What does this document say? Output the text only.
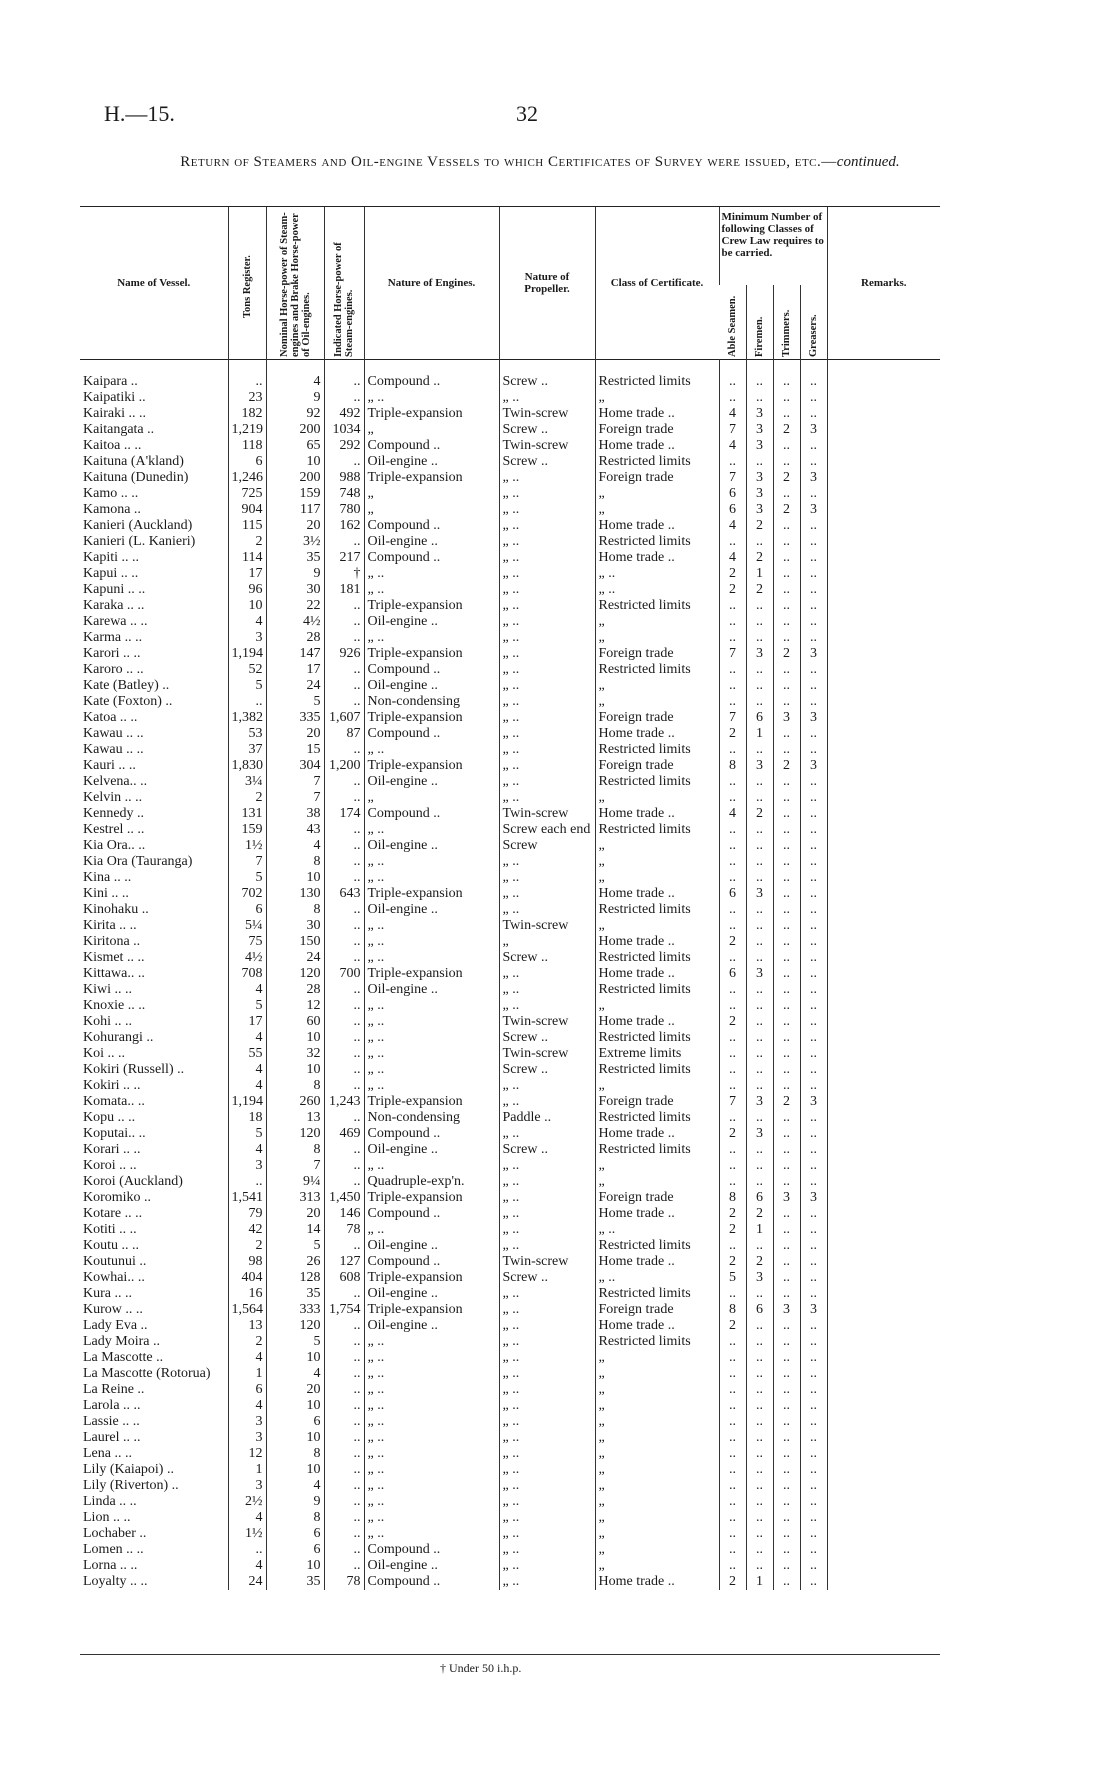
H.—15.	32
Return of Steamers and Oil-engine Vessels to which Certificates of Survey were issued, etc.—continued.
Name of Vessel.	Tons Register.	Nominal Horse-power of Steam-engines and Brake Horse-power of Oil-engines.	Indicated Horse-power of Steam-engines.	Nature of Engines.	Nature of Propeller.	Class of Certificate.	Minimum Number of following Classes of Crew Law requires to be carried.				Remarks.

							Able Seamen.	Firemen.	Trimmers.	Greasers.	

Kaipara ..	..	4	..	Compound ..	Screw ..	Restricted limits	..	..	..	..	
Kaipatiki ..	23	9	..	„ ..	„ ..	„	..	..	..	..	
Kairaki .. ..	182	92	492	Triple-expansion	Twin-screw	Home trade ..	4	3	..	..	
Kaitangata ..	1,219	200	1034	„	Screw ..	Foreign trade	7	3	2	3	
Kaitoa .. ..	118	65	292	Compound ..	Twin-screw	Home trade ..	4	3	..	..	
Kaituna (A'kland)	6	10	..	Oil-engine ..	Screw ..	Restricted limits	..	..	..	..	
Kaituna (Dunedin)	1,246	200	988	Triple-expansion	„ ..	Foreign trade	7	3	2	3	
Kamo .. ..	725	159	748	„	„ ..	„	6	3	..	..	
Kamona ..	904	117	780	„	„ ..	„	6	3	2	3	
Kanieri (Auckland)	115	20	162	Compound ..	„ ..	Home trade ..	4	2	..	..	
Kanieri (L. Kanieri)	2	3½	..	Oil-engine ..	„ ..	Restricted limits	..	..	..	..	
Kapiti .. ..	114	35	217	Compound ..	„ ..	Home trade ..	4	2	..	..	
Kapui .. ..	17	9	†	„ ..	„ ..	„ ..	2	1	..	..	
Kapuni .. ..	96	30	181	„ ..	„ ..	„ ..	2	2	..	..	
Karaka .. ..	10	22	..	Triple-expansion	„ ..	Restricted limits	..	..	..	..	
Karewa .. ..	4	4½	..	Oil-engine ..	„ ..	„	..	..	..	..	
Karma .. ..	3	28	..	„ ..	„ ..	„	..	..	..	..	
Karori .. ..	1,194	147	926	Triple-expansion	„ ..	Foreign trade	7	3	2	3	
Karoro .. ..	52	17	..	Compound ..	„ ..	Restricted limits	..	..	..	..	
Kate (Batley) ..	5	24	..	Oil-engine ..	„ ..	„	..	..	..	..	
Kate (Foxton) ..	..	5	..	Non-condensing	„ ..	„	..	..	..	..	
Katoa .. ..	1,382	335	1,607	Triple-expansion	„ ..	Foreign trade	7	6	3	3	
Kawau .. ..	53	20	87	Compound ..	„ ..	Home trade ..	2	1	..	..	
Kawau .. ..	37	15	..	„ ..	„ ..	Restricted limits	..	..	..	..	
Kauri .. ..	1,830	304	1,200	Triple-expansion	„ ..	Foreign trade	8	3	2	3	
Kelvena.. ..	3¼	7	..	Oil-engine ..	„ ..	Restricted limits	..	..	..	..	
Kelvin .. ..	2	7	..	„	„ ..	„	..	..	..	..	
Kennedy ..	131	38	174	Compound ..	Twin-screw	Home trade ..	4	2	..	..	
Kestrel .. ..	159	43	..	„ ..	Screw each end	Restricted limits	..	..	..	..	
Kia Ora.. ..	1½	4	..	Oil-engine ..	Screw	„	..	..	..	..	
Kia Ora (Tauranga)	7	8	..	„ ..	„ ..	„	..	..	..	..	
Kina .. ..	5	10	..	„ ..	„ ..	„	..	..	..	..	
Kini .. ..	702	130	643	Triple-expansion	„ ..	Home trade ..	6	3	..	..	
Kinohaku ..	6	8	..	Oil-engine ..	„ ..	Restricted limits	..	..	..	..	
Kirita .. ..	5¼	30	..	„ ..	Twin-screw	„	..	..	..	..	
Kiritona ..	75	150	..	„ ..	„	Home trade ..	2	..	..	..	
Kismet .. ..	4½	24	..	„ ..	Screw ..	Restricted limits	..	..	..	..	
Kittawa.. ..	708	120	700	Triple-expansion	„ ..	Home trade ..	6	3	..	..	
Kiwi .. ..	4	28	..	Oil-engine ..	„ ..	Restricted limits	..	..	..	..	
Knoxie .. ..	5	12	..	„ ..	„ ..	„	..	..	..	..	
Kohi .. ..	17	60	..	„ ..	Twin-screw	Home trade ..	2	..	..	..	
Kohurangi ..	4	10	..	„ ..	Screw ..	Restricted limits	..	..	..	..	
Koi .. ..	55	32	..	„ ..	Twin-screw	Extreme limits	..	..	..	..	
Kokiri (Russell) ..	4	10	..	„ ..	Screw ..	Restricted limits	..	..	..	..	
Kokiri .. ..	4	8	..	„ ..	„ ..	„	..	..	..	..	
Komata.. ..	1,194	260	1,243	Triple-expansion	„ ..	Foreign trade	7	3	2	3	
Kopu .. ..	18	13	..	Non-condensing	Paddle ..	Restricted limits	..	..	..	..	
Koputai.. ..	5	120	469	Compound ..	„ ..	Home trade ..	2	3	..	..	
Korari .. ..	4	8	..	Oil-engine ..	Screw ..	Restricted limits	..	..	..	..	
Koroi .. ..	3	7	..	„ ..	„ ..	„	..	..	..	..	
Koroi (Auckland)	..	9¼	..	Quadruple-exp'n.	„ ..	„	..	..	..	..	
Koromiko ..	1,541	313	1,450	Triple-expansion	„ ..	Foreign trade	8	6	3	3	
Kotare .. ..	79	20	146	Compound ..	„ ..	Home trade ..	2	2	..	..	
Kotiti .. ..	42	14	78	„ ..	„ ..	„ ..	2	1	..	..	
Koutu .. ..	2	5	..	Oil-engine ..	„ ..	Restricted limits	..	..	..	..	
Koutunui ..	98	26	127	Compound ..	Twin-screw	Home trade ..	2	2	..	..	
Kowhai.. ..	404	128	608	Triple-expansion	Screw ..	„ ..	5	3	..	..	
Kura .. ..	16	35	..	Oil-engine ..	„ ..	Restricted limits	..	..	..	..	
Kurow .. ..	1,564	333	1,754	Triple-expansion	„ ..	Foreign trade	8	6	3	3	
Lady Eva ..	13	120	..	Oil-engine ..	„ ..	Home trade ..	2	..	..	..	
Lady Moira ..	2	5	..	„ ..	„ ..	Restricted limits	..	..	..	..	
La Mascotte ..	4	10	..	„ ..	„ ..	„	..	..	..	..	
La Mascotte (Rotorua)	1	4	..	„ ..	„ ..	„	..	..	..	..	
La Reine ..	6	20	..	„ ..	„ ..	„	..	..	..	..	
Larola .. ..	4	10	..	„ ..	„ ..	„	..	..	..	..	
Lassie .. ..	3	6	..	„ ..	„ ..	„	..	..	..	..	
Laurel .. ..	3	10	..	„ ..	„ ..	„	..	..	..	..	
Lena .. ..	12	8	..	„ ..	„ ..	„	..	..	..	..	
Lily (Kaiapoi) ..	1	10	..	„ ..	„ ..	„	..	..	..	..	
Lily (Riverton) ..	3	4	..	„ ..	„ ..	„	..	..	..	..	
Linda .. ..	2½	9	..	„ ..	„ ..	„	..	..	..	..	
Lion .. ..	4	8	..	„ ..	„ ..	„	..	..	..	..	
Lochaber ..	1½	6	..	„ ..	„ ..	„	..	..	..	..	
Lomen .. ..	..	6	..	Compound ..	„ ..	„	..	..	..	..	
Lorna .. ..	4	10	..	Oil-engine ..	„ ..	„	..	..	..	..	
Loyalty .. ..	24	35	78	Compound ..	„ ..	Home trade ..	2	1	..	..	
† Under 50 i.h.p.
